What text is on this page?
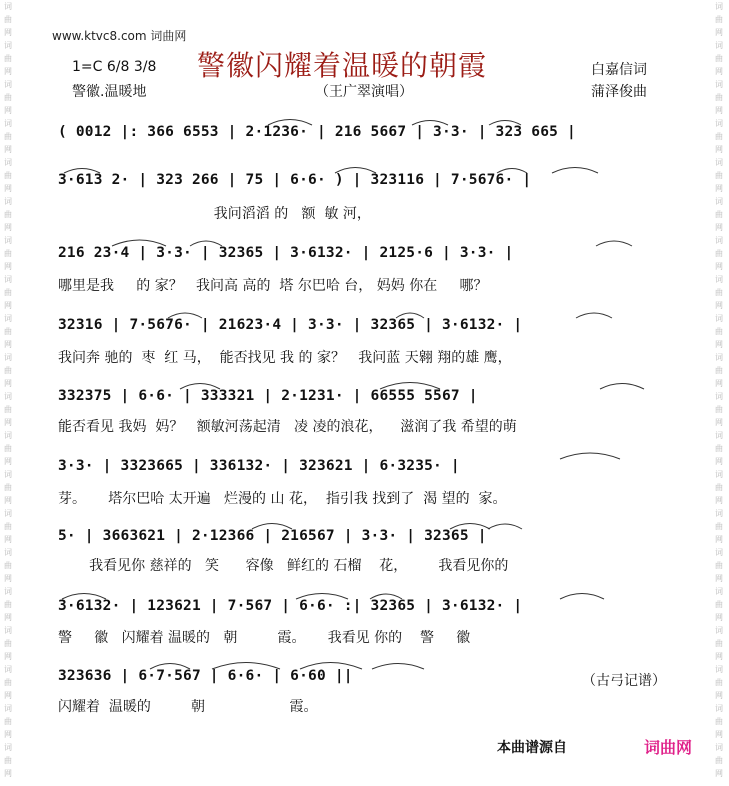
词曲网 词曲网 词曲网 词曲网 词曲网 词曲网 词曲网 词曲网 词曲网 词曲网 词曲网 词曲网 词曲网 词曲网 词曲网 词曲网 词曲网 词曲网 词曲网 词曲网
词曲网 词曲网 词曲网 词曲网 词曲网 词曲网 词曲网 词曲网 词曲网 词曲网 词曲网 词曲网 词曲网 词曲网 词曲网 词曲网 词曲网 词曲网 词曲网 词曲网
www.ktvc8.com 词曲网
警徽闪耀着温暖的朝霞
1=C 6/8 3/8	白嘉信词
蒲泽俊曲
警徽.温暖地	（王广翠演唱）
( 0012 |: 366 6553 | 2·1236· | 216 5667 | 3·3· | 323 665 |
3·613 2· | 323 266 | 75 | 6·6· ) | 323116 | 7·5676· |
我问滔滔 的   额  敏 河，
216 23·4 | 3·3· | 32365 | 3·6132· | 2125·6 | 3·3· |
哪里是我     的 家？   我问高 高的  塔 尔巴哈 台， 妈妈 你在     哪？
32316 | 7·5676· | 21623·4 | 3·3· | 32365 | 3·6132· |
我问奔 驰的  枣  红 马，  能否找见 我 的 家？   我问蓝 天翱 翔的雄 鹰，
332375 | 6·6· | 333321 | 2·1231· | 66555 5567 |
能否看见 我妈  妈？   额敏河荡起清   凌 凌的浪花，    滋润了我 希望的萌
3·3· | 3323665 | 336132· | 323621 | 6·3235· |
芽。     塔尔巴哈 太开遍   烂漫的 山 花，  指引我 找到了  渴 望的  家。
5· | 3663621 | 2·12366 | 216567 | 3·3· | 32365 |
我看见你 慈祥的   笑      容像   鲜红的 石榴    花，       我看见你的
3·6132· | 123621 | 7·567 | 6·6· :| 32365 | 3·6132· |
警     徽   闪耀着 温暖的   朝         霞。     我看见 你的    警     徽
323636 | 6·7·567 | 6·6· | 6·60 ||
闪耀着  温暖的         朝                   霞。
（古弓记谱）
本曲谱源自	词曲网
